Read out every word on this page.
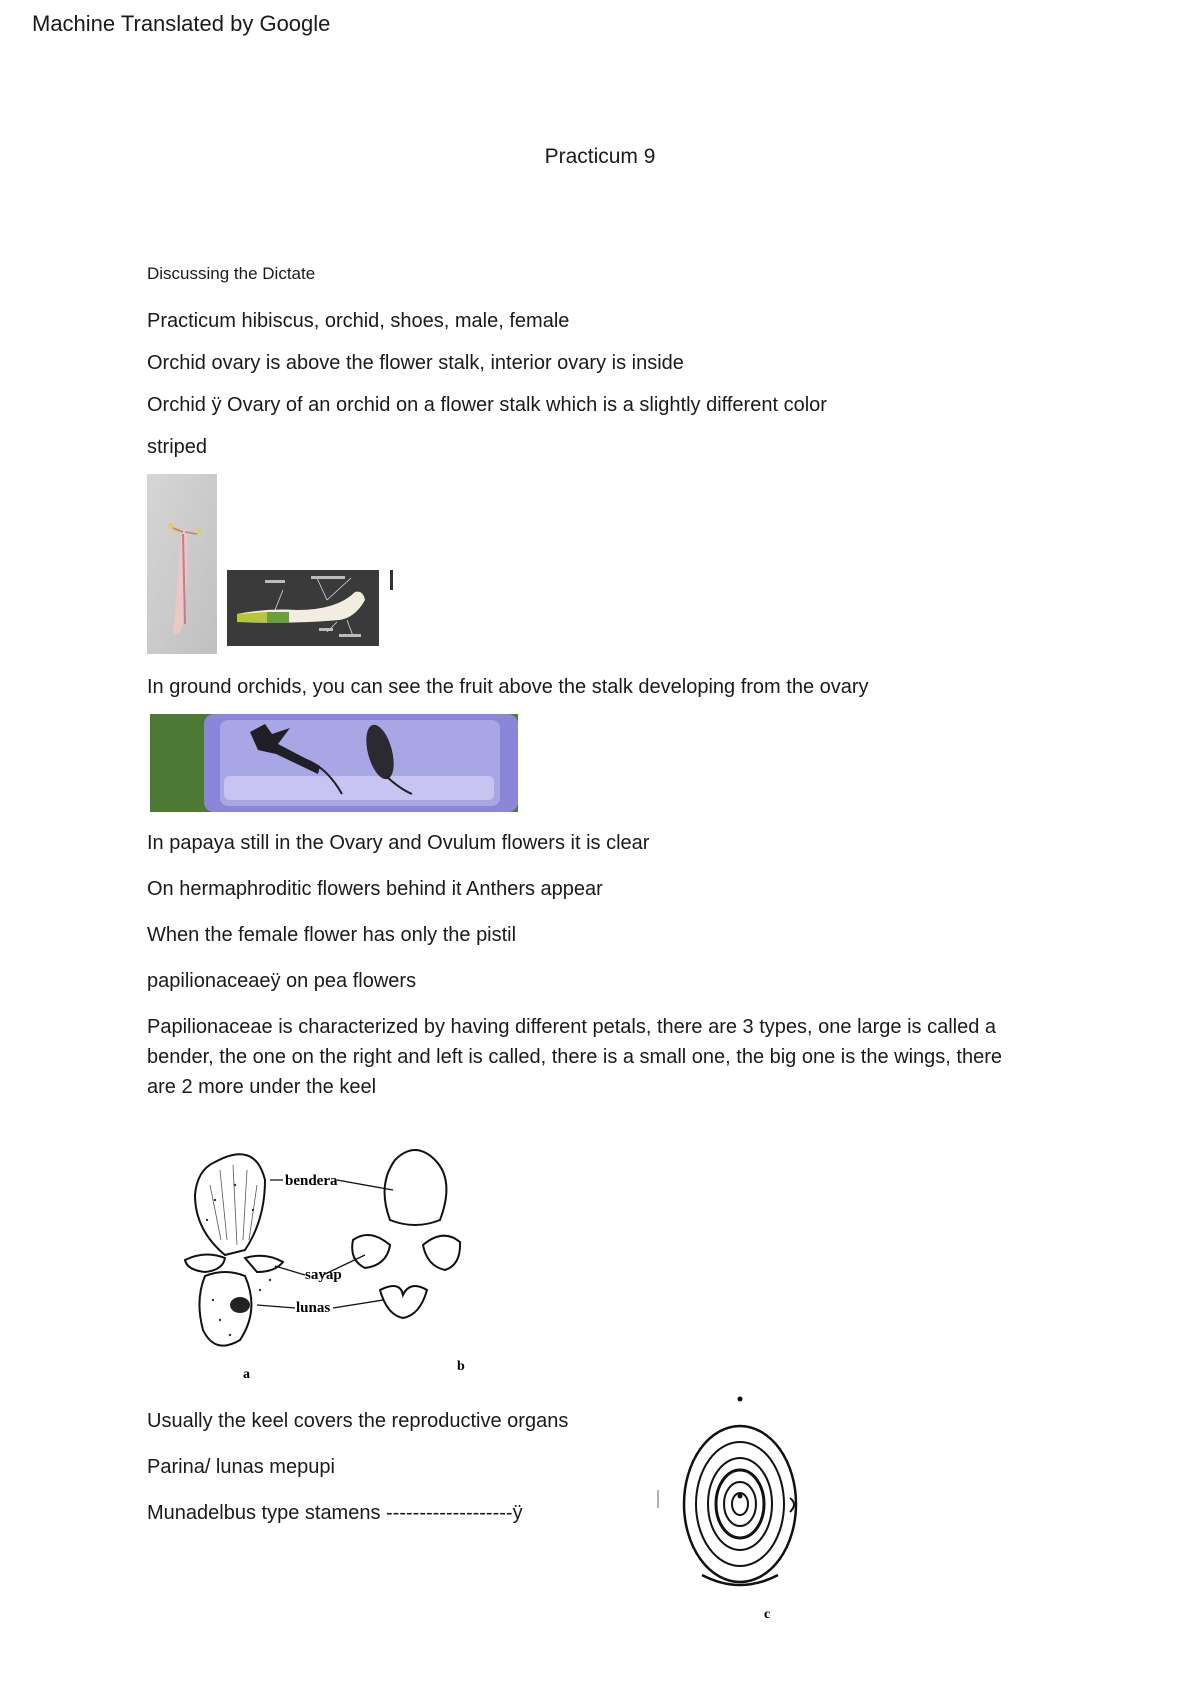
Machine Translated by Google
Practicum 9
Discussing the Dictate
Practicum hibiscus, orchid, shoes, male, female
Orchid ovary is above the flower stalk, interior ovary is inside
Orchid ÿ Ovary of an orchid on a flower stalk which is a slightly different color
striped
In ground orchids, you can see the fruit above the stalk developing from the ovary
In papaya still in the Ovary and Ovulum flowers it is clear
On hermaphroditic flowers behind it Anthers appear
When the female flower has only the pistil
papilionaceaeÿ on pea flowers
Papilionaceae is characterized by having different petals, there are 3 types, one large is called a bender, the one on the right and left is called, there is a small one, the big one is the wings, there are 2 more under the keel
bendera
sayap
lunas
a
b
Usually the keel covers the reproductive organs
Parina/ lunas mepupi
Munadelbus type stamens -------------------ÿ
c
